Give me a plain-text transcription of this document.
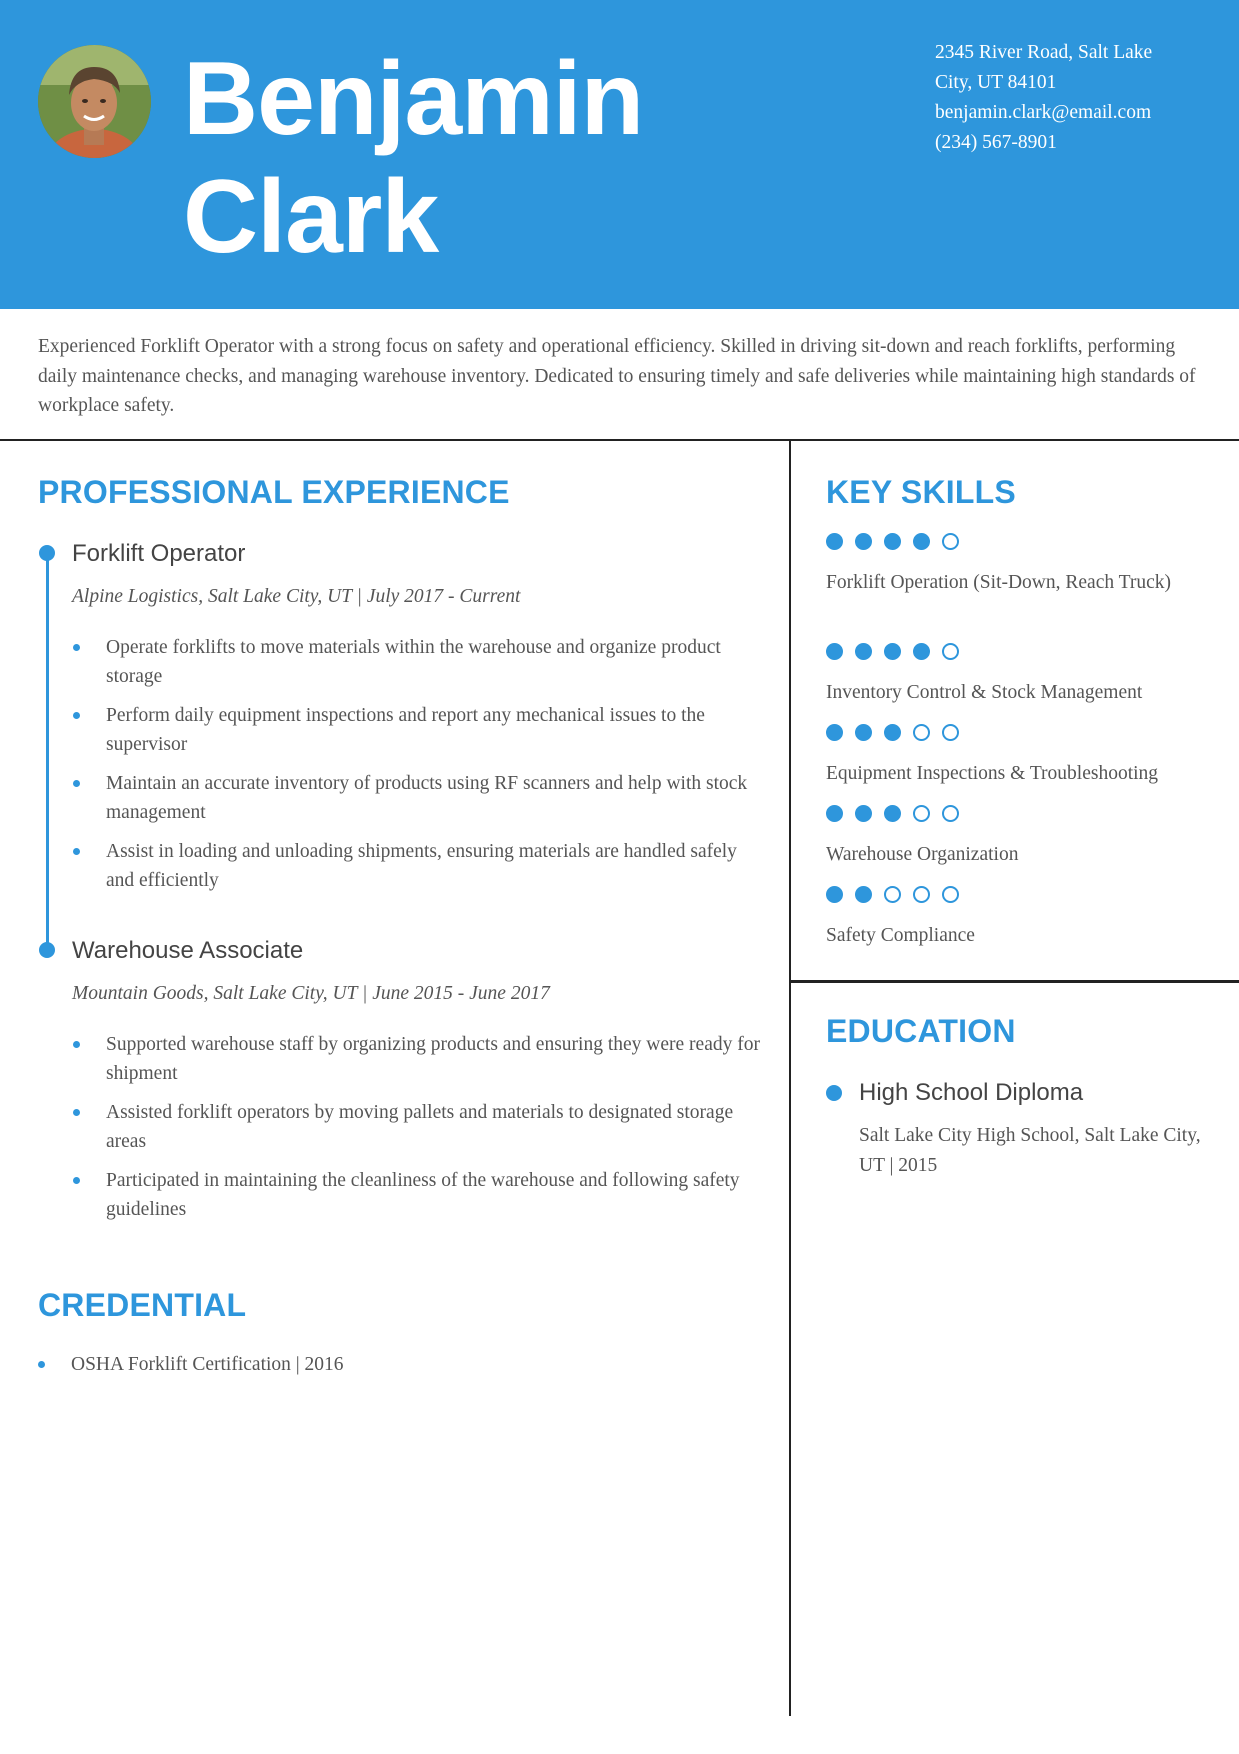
Benjamin
Clark
2345 River Road, Salt Lake
City, UT 84101
benjamin.clark@email.com
(234) 567-8901

Experienced Forklift Operator with a strong focus on safety and operational efficiency. Skilled in driving sit-down and reach forklifts, performing daily maintenance checks, and managing warehouse inventory. Dedicated to ensuring timely and safe deliveries while maintaining high standards of workplace safety.

PROFESSIONAL EXPERIENCE
Forklift Operator
Alpine Logistics, Salt Lake City, UT | July 2017 - Current
Operate forklifts to move materials within the warehouse and organize product storage
Perform daily equipment inspections and report any mechanical issues to the supervisor
Maintain an accurate inventory of products using RF scanners and help with stock management
Assist in loading and unloading shipments, ensuring materials are handled safely and efficiently
Warehouse Associate
Mountain Goods, Salt Lake City, UT | June 2015 - June 2017
Supported warehouse staff by organizing products and ensuring they were ready for shipment
Assisted forklift operators by moving pallets and materials to designated storage areas
Participated in maintaining the cleanliness of the warehouse and following safety guidelines
CREDENTIAL
OSHA Forklift Certification | 2016
KEY SKILLS
Forklift Operation (Sit-Down, Reach Truck)
Inventory Control & Stock Management
Equipment Inspections & Troubleshooting
Warehouse Organization
Safety Compliance
EDUCATION
High School Diploma
Salt Lake City High School, Salt Lake City, UT | 2015
